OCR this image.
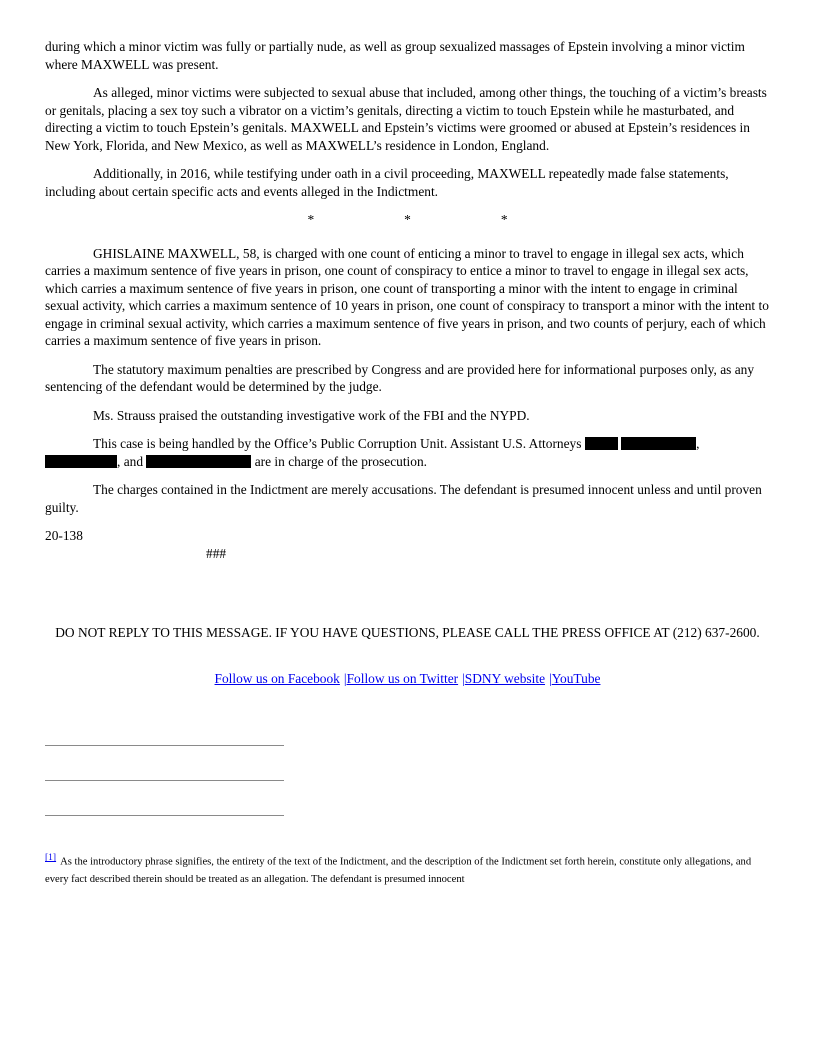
during which a minor victim was fully or partially nude, as well as group sexualized massages of Epstein involving a minor victim where MAXWELL was present.

As alleged, minor victims were subjected to sexual abuse that included, among other things, the touching of a victim’s breasts or genitals, placing a sex toy such a vibrator on a victim’s genitals, directing a victim to touch Epstein while he masturbated, and directing a victim to touch Epstein’s genitals. MAXWELL and Epstein’s victims were groomed or abused at Epstein’s residences in New York, Florida, and New Mexico, as well as MAXWELL’s residence in London, England.

Additionally, in 2016, while testifying under oath in a civil proceeding, MAXWELL repeatedly made false statements, including about certain specific acts and events alleged in the Indictment.

*	*	*

GHISLAINE MAXWELL, 58, is charged with one count of enticing a minor to travel to engage in illegal sex acts, which carries a maximum sentence of five years in prison, one count of conspiracy to entice a minor to travel to engage in illegal sex acts, which carries a maximum sentence of five years in prison, one count of transporting a minor with the intent to engage in criminal sexual activity, which carries a maximum sentence of 10 years in prison, one count of conspiracy to transport a minor with the intent to engage in criminal sexual activity, which carries a maximum sentence of five years in prison, and two counts of perjury, each of which carries a maximum sentence of five years in prison.

The statutory maximum penalties are prescribed by Congress and are provided here for informational purposes only, as any sentencing of the defendant would be determined by the judge.

Ms. Strauss praised the outstanding investigative work of the FBI and the NYPD.

This case is being handled by the Office’s Public Corruption Unit. Assistant U.S. Attorneys	, , and	are in charge of the prosecution.

The charges contained in the Indictment are merely accusations. The defendant is presumed innocent unless and until proven guilty.

20-138

###

DO NOT REPLY TO THIS MESSAGE. IF YOU HAVE QUESTIONS, PLEASE CALL THE PRESS OFFICE AT (212) 637-2600.

Follow us on Facebook |Follow us on Twitter |SDNY website |YouTube

[1] As the introductory phrase signifies, the entirety of the text of the Indictment, and the description of the Indictment set forth herein, constitute only allegations, and every fact described therein should be treated as an allegation. The defendant is presumed innocent
